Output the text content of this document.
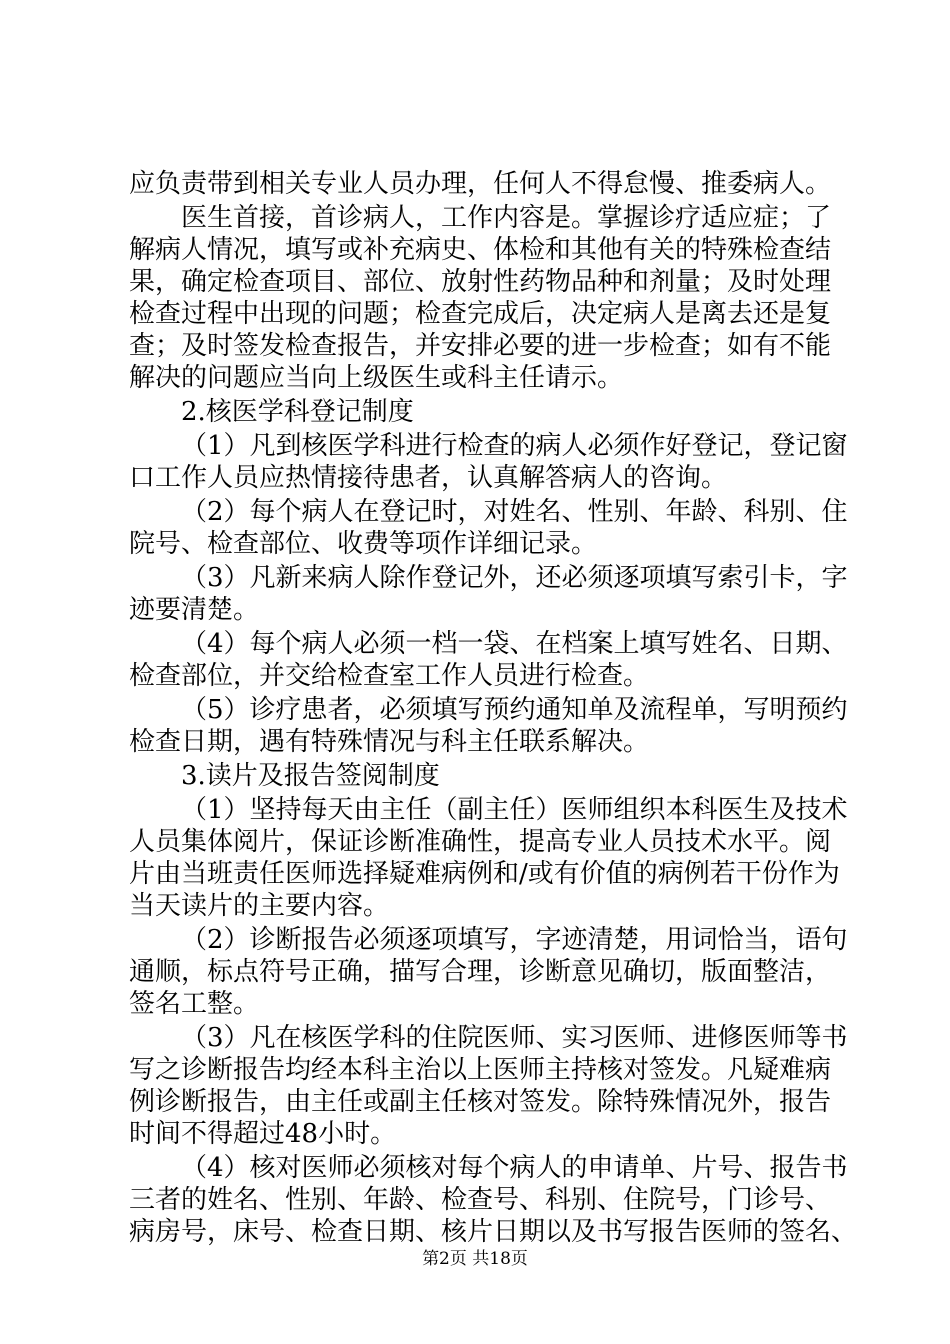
应负责带到相关专业人员办理，任何人不得怠慢、推委病人。
医生首接，首诊病人，工作内容是。掌握诊疗适应症；了
解病人情况，填写或补充病史、体检和其他有关的特殊检查结
果，确定检查项目、部位、放射性药物品种和剂量；及时处理
检查过程中出现的问题；检查完成后，决定病人是离去还是复
查；及时签发检查报告，并安排必要的进一步检查；如有不能
解决的问题应当向上级医生或科主任请示。
2.核医学科登记制度
（1）凡到核医学科进行检查的病人必须作好登记，登记窗
口工作人员应热情接待患者，认真解答病人的咨询。
（2）每个病人在登记时，对姓名、性别、年龄、科别、住
院号、检查部位、收费等项作详细记录。
（3）凡新来病人除作登记外，还必须逐项填写索引卡，字
迹要清楚。
（4）每个病人必须一档一袋、在档案上填写姓名、日期、
检查部位，并交给检查室工作人员进行检查。
（5）诊疗患者，必须填写预约通知单及流程单，写明预约
检查日期，遇有特殊情况与科主任联系解决。
3.读片及报告签阅制度
（1）坚持每天由主任（副主任）医师组织本科医生及技术
人员集体阅片，保证诊断准确性，提高专业人员技术水平。阅
片由当班责任医师选择疑难病例和/或有价值的病例若干份作为
当天读片的主要内容。
（2）诊断报告必须逐项填写，字迹清楚，用词恰当，语句
通顺，标点符号正确，描写合理，诊断意见确切，版面整洁，
签名工整。
（3）凡在核医学科的住院医师、实习医师、进修医师等书
写之诊断报告均经本科主治以上医师主持核对签发。凡疑难病
例诊断报告，由主任或副主任核对签发。除特殊情况外，报告
时间不得超过48小时。
（4）核对医师必须核对每个病人的申请单、片号、报告书
三者的姓名、性别、年龄、检查号、科别、住院号，门诊号、
病房号，床号、检查日期、核片日期以及书写报告医师的签名、
第2页 共18页
